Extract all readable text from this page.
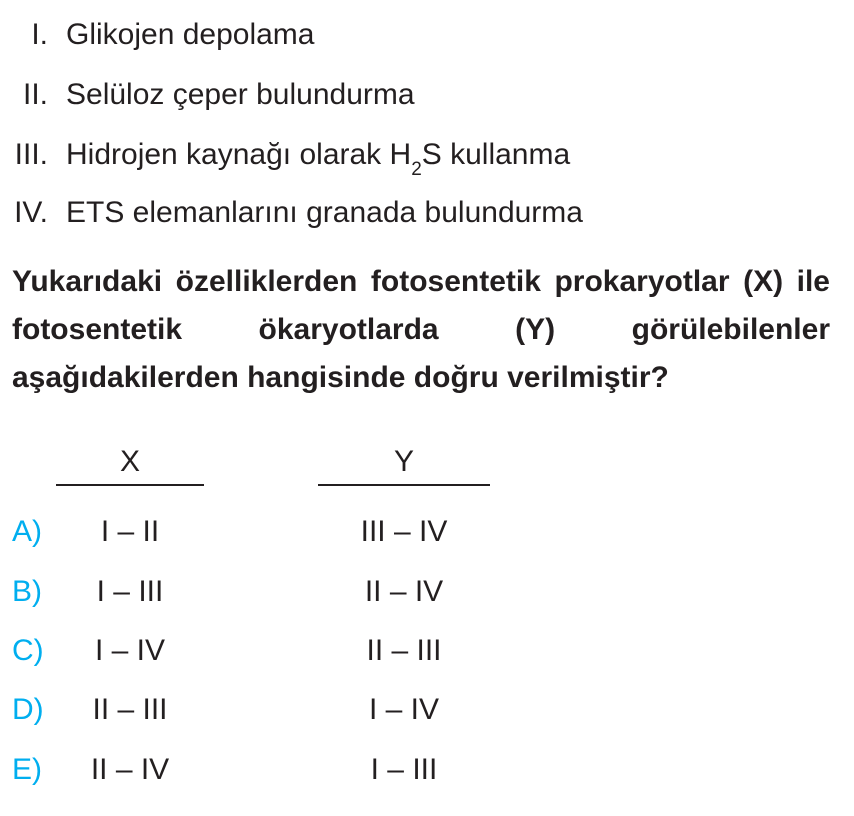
I. Glikojen depolama
II. Selüloz çeper bulundurma
III. Hidrojen kaynağı olarak $H_2S$ kullanma
IV. ETS elemanlarını granada bulundurma
Yukarıdaki özelliklerden fotosentetik prokaryotlar (X) ile fotosentetik ökaryotlarda (Y) görülebilenler aşağıdakilerden hangisinde doğru verilmiştir?
X	Y
A)	I – II	III – IV
B)	I – III	II – IV
C)	I – IV	II – III
D)	II – III	I – IV
E)	II – IV	I – III
